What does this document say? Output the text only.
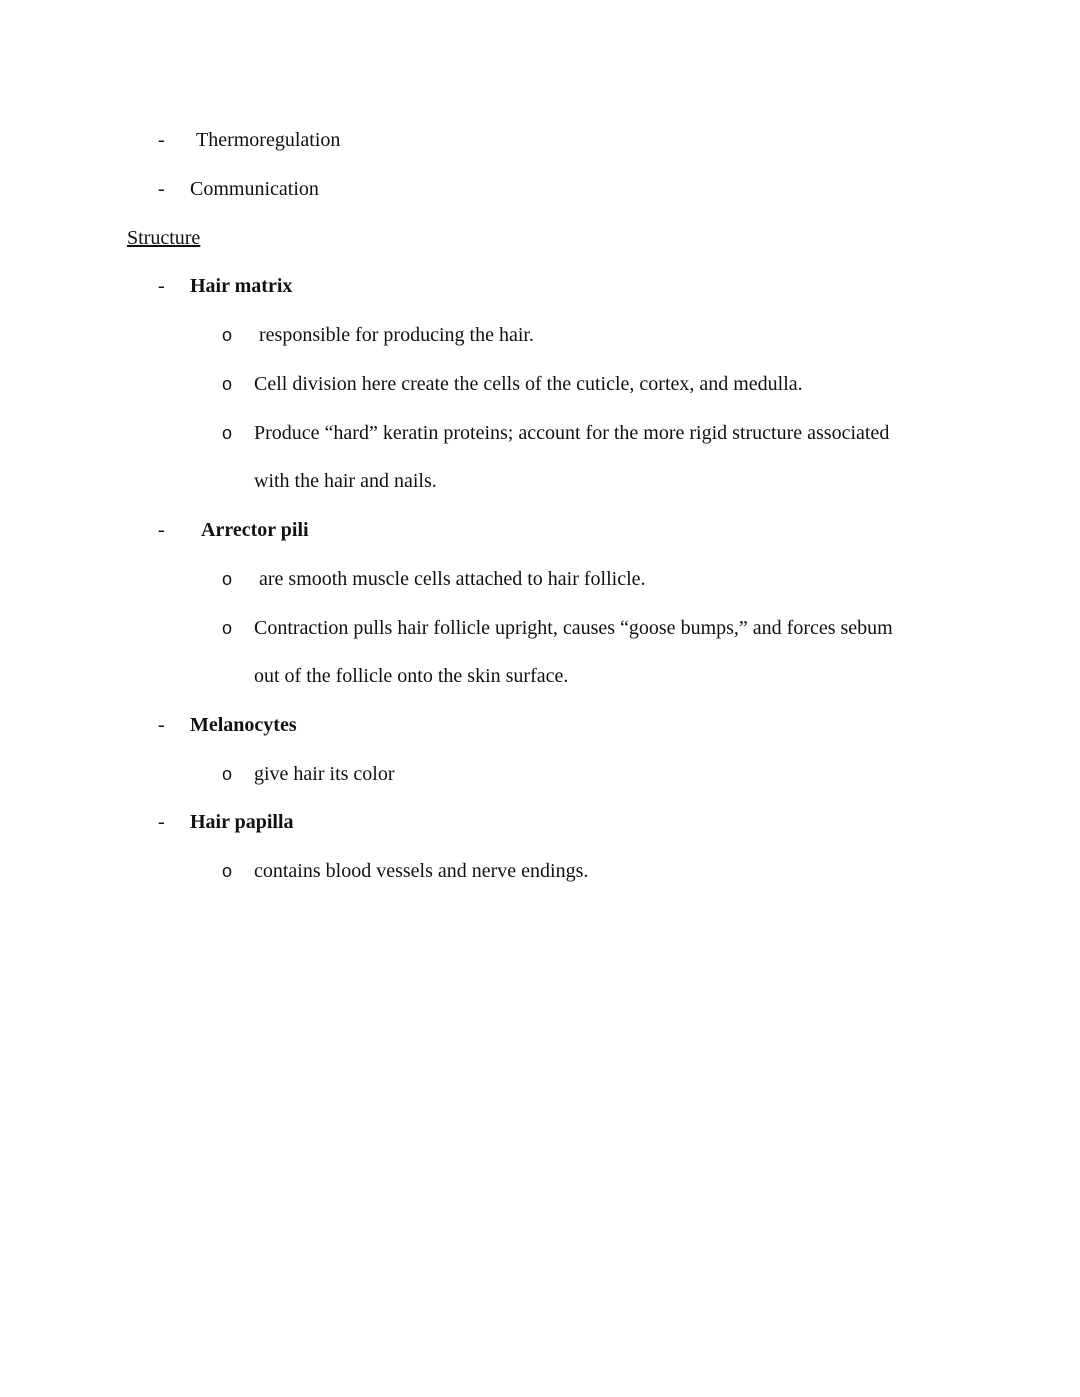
- Thermoregulation
- Communication
Structure
- Hair matrix
o responsible for producing the hair.
o Cell division here create the cells of the cuticle, cortex, and medulla.
o Produce “hard” keratin proteins; account for the more rigid structure associated
with the hair and nails.
- Arrector pili
o are smooth muscle cells attached to hair follicle.
o Contraction pulls hair follicle upright, causes “goose bumps,” and forces sebum
out of the follicle onto the skin surface.
- Melanocytes
o give hair its color
- Hair papilla
o contains blood vessels and nerve endings.
